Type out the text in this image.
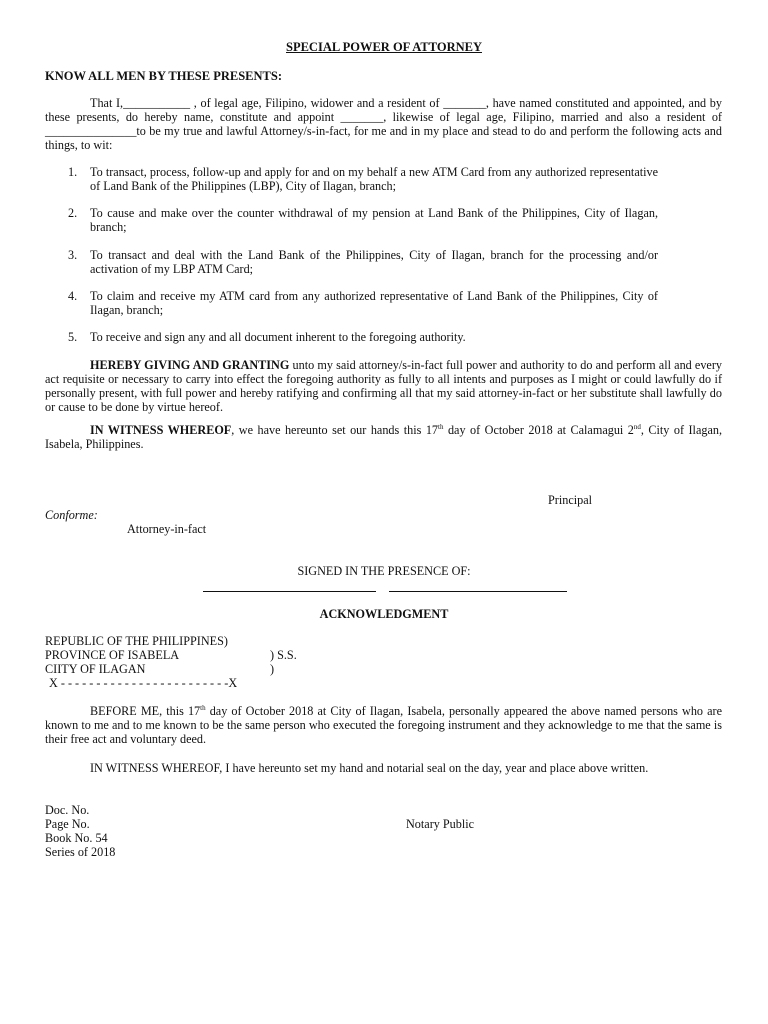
SPECIAL POWER OF ATTORNEY
KNOW ALL MEN BY THESE PRESENTS:
That I,___________ , of legal age, Filipino, widower and a resident of _______, have named constituted and appointed, and by these presents, do hereby name, constitute and appoint _______, likewise of legal age, Filipino, married and also a resident of _______________to be my true and lawful Attorney/s-in-fact, for me and in my place and stead to do and perform the following acts and things, to wit:
1.	To transact, process, follow-up and apply for and on my behalf a new ATM Card from any authorized representative of Land Bank of the Philippines (LBP), City of Ilagan, branch;
2.	To cause and make over the counter withdrawal of my pension at Land Bank of the Philippines, City of Ilagan, branch;
3.	To transact and deal with the Land Bank of the Philippines, City of Ilagan, branch for the processing and/or activation of my LBP ATM Card;
4.	To claim and receive my ATM card from any authorized representative of Land Bank of the Philippines, City of Ilagan, branch;
5.	To receive and sign any and all document inherent to the foregoing authority.
HEREBY GIVING AND GRANTING unto my said attorney/s-in-fact full power and authority to do and perform all and every act requisite or necessary to carry into effect the foregoing authority as fully to all intents and purposes as I might or could lawfully do if personally present, with full power and hereby ratifying and confirming all that my said attorney-in-fact or her substitute shall lawfully do or cause to be done by virtue hereof.
IN WITNESS WHEREOF, we have hereunto set our hands this 17th day of October 2018 at Calamagui 2nd, City of Ilagan, Isabela, Philippines.
Principal
Conforme:
Attorney-in-fact
SIGNED IN THE PRESENCE OF:
ACKNOWLEDGMENT
REPUBLIC OF THE PHILIPPINES)
PROVINCE OF ISABELA	) S.S.
CIITY OF ILAGAN	)
X - - - - - - - - - - - - - - - - - - - - - - - -X
BEFORE ME, this 17th day of October 2018 at City of Ilagan, Isabela, personally appeared the above named persons who are known to me and to me known to be the same person who executed the foregoing instrument and they acknowledge to me that the same is their free act and voluntary deed.
IN WITNESS WHEREOF, I have hereunto set my hand and notarial seal on the day, year and place above written.
Doc. No.
Page No.
Book No. 54
Series of 2018
Notary Public
